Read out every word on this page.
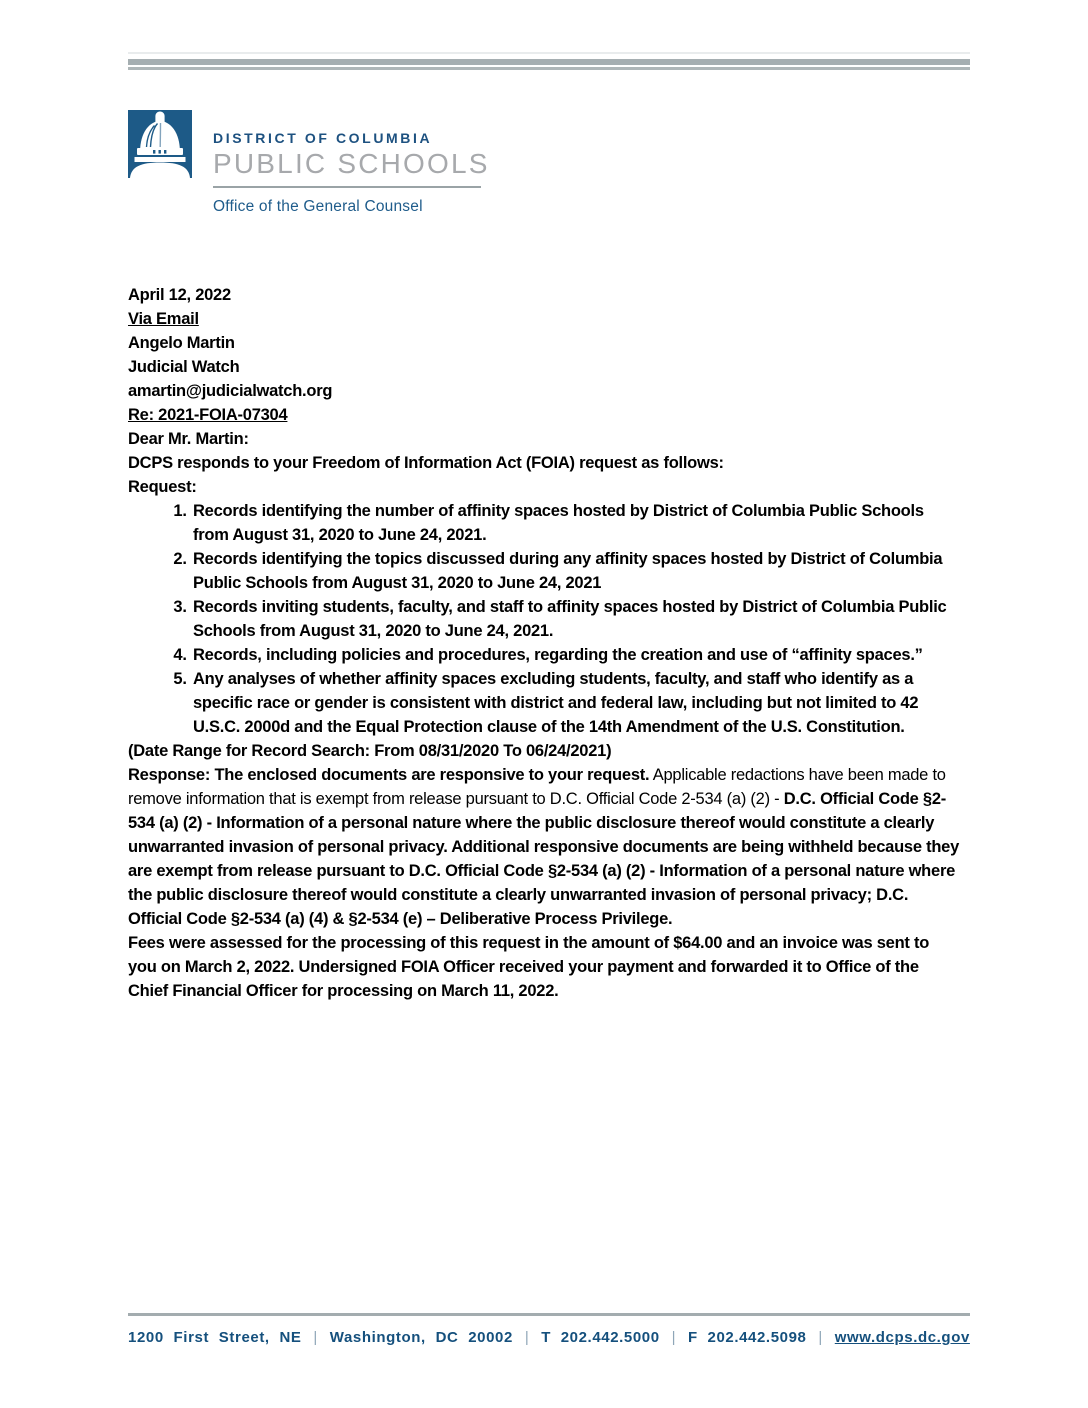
DISTRICT OF COLUMBIA
PUBLIC SCHOOLS
Office of the General Counsel

April 12, 2022

Via Email

Angelo Martin

Judicial Watch

amartin@judicialwatch.org

Re: 2021-FOIA-07304

Dear Mr. Martin:

DCPS responds to your Freedom of Information Act (FOIA) request as follows:

Request:

1. Records identifying the number of affinity spaces hosted by District of Columbia Public Schools from August 31, 2020 to June 24, 2021.
2. Records identifying the topics discussed during any affinity spaces hosted by District of Columbia Public Schools from August 31, 2020 to June 24, 2021
3. Records inviting students, faculty, and staff to affinity spaces hosted by District of Columbia Public Schools from August 31, 2020 to June 24, 2021.
4. Records, including policies and procedures, regarding the creation and use of “affinity spaces.”
5. Any analyses of whether affinity spaces excluding students, faculty, and staff who identify as a specific race or gender is consistent with district and federal law, including but not limited to 42 U.S.C. 2000d and the Equal Protection clause of the 14th Amendment of the U.S. Constitution.

(Date Range for Record Search: From 08/31/2020 To 06/24/2021)

Response: The enclosed documents are responsive to your request. Applicable redactions have been made to remove information that is exempt from release pursuant to D.C. Official Code 2-534 (a) (2) - D.C. Official Code §2-534 (a) (2) - Information of a personal nature where the public disclosure thereof would constitute a clearly unwarranted invasion of personal privacy. Additional responsive documents are being withheld because they are exempt from release pursuant to D.C. Official Code §2-534 (a) (2) - Information of a personal nature where the public disclosure thereof would constitute a clearly unwarranted invasion of personal privacy; D.C. Official Code §2-534 (a) (4) & §2-534 (e) – Deliberative Process Privilege.

Fees were assessed for the processing of this request in the amount of $64.00 and an invoice was sent to you on March 2, 2022. Undersigned FOIA Officer received your payment and forwarded it to Office of the Chief Financial Officer for processing on March 11, 2022.

1200 First Street, NE | Washington, DC 20002 | T 202.442.5000 | F 202.442.5098 | www.dcps.dc.gov
